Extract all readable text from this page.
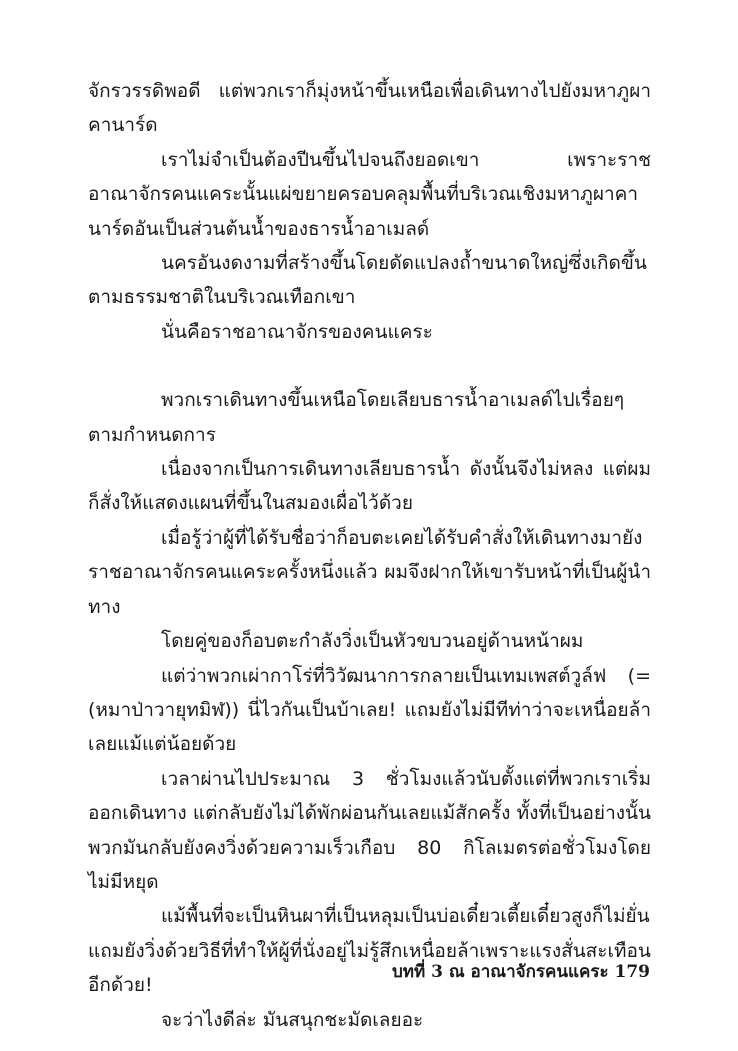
จักรวรรดิพอดี แต่พวกเราก็มุ่งหน้าขึ้นเหนือเพื่อเดินทางไปยังมหาภูผาคานาร์ด

เราไม่จำเป็นต้องปีนขึ้นไปจนถึงยอดเขา เพราะราชอาณาจักรคนแคระนั้นแผ่ขยายครอบคลุมพื้นที่บริเวณเชิงมหาภูผาคานาร์ดอันเป็นส่วนต้นน้ำของธารน้ำอาเมลด์

นครอันงดงามที่สร้างขึ้นโดยดัดแปลงถ้ำขนาดใหญ่ซึ่งเกิดขึ้นตามธรรมชาติในบริเวณเทือกเขา

นั่นคือราชอาณาจักรของคนแคระ

พวกเราเดินทางขึ้นเหนือโดยเลียบธารน้ำอาเมลด์ไปเรื่อยๆ ตามกำหนดการ

เนื่องจากเป็นการเดินทางเลียบธารน้ำ ดังนั้นจึงไม่หลง แต่ผมก็สั่งให้แสดงแผนที่ขึ้นในสมองเผื่อไว้ด้วย

เมื่อรู้ว่าผู้ที่ได้รับชื่อว่าก็อบตะเคยได้รับคำสั่งให้เดินทางมายังราชอาณาจักรคนแคระครั้งหนึ่งแล้ว ผมจึงฝากให้เขารับหน้าที่เป็นผู้นำทาง

โดยคู่ของก็อบตะกำลังวิ่งเป็นหัวขบวนอยู่ด้านหน้าผม

แต่ว่าพวกเผ่ากาโร่ที่วิวัฒนาการกลายเป็นเทมเพสต์วูล์ฟ (=(หมาป่าวายุทมิฬ)) นี่ไวกันเป็นบ้าเลย! แถมยังไม่มีทีท่าว่าจะเหนื่อยล้าเลยแม้แต่น้อยด้วย

เวลาผ่านไปประมาณ 3 ชั่วโมงแล้วนับตั้งแต่ที่พวกเราเริ่มออกเดินทาง แต่กลับยังไม่ได้พักผ่อนกันเลยแม้สักครั้ง ทั้งที่เป็นอย่างนั้น พวกมันกลับยังคงวิ่งด้วยความเร็วเกือบ 80 กิโลเมตรต่อชั่วโมงโดยไม่มีหยุด

แม้พื้นที่จะเป็นหินผาที่เป็นหลุมเป็นบ่อเดี๋ยวเตี้ยเดี๋ยวสูงก็ไม่ยั่นแถมยังวิ่งด้วยวิธีที่ทำให้ผู้ที่นั่งอยู่ไม่รู้สึกเหนื่อยล้าเพราะแรงสั่นสะเทือนอีกด้วย!

จะว่าไงดีล่ะ มันสนุกชะมัดเลยอะ

บทที่ 3 ณ อาณาจักรคนแคระ 179
